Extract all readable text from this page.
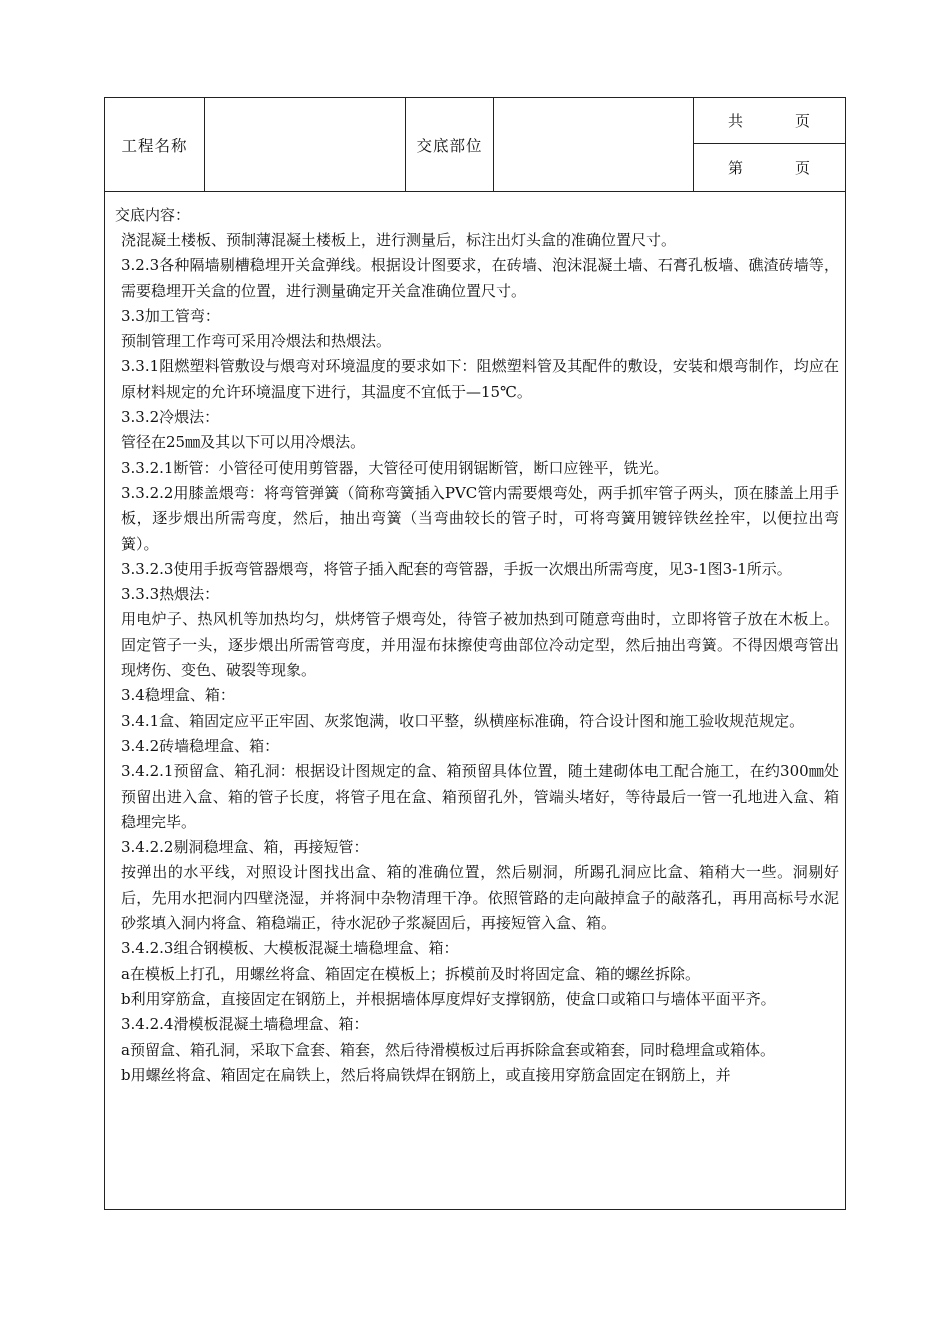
工程名称	交底部位
共	页
第	页
交底内容：

浇混凝土楼板、预制薄混凝土楼板上，进行测量后，标注出灯头盒的准确位置尺寸。

3.2.3各种隔墙剔槽稳埋开关盒弹线。根据设计图要求，在砖墙、泡沫混凝土墙、石膏孔板墙、礁渣砖墙等，需要稳埋开关盒的位置，进行测量确定开关盒准确位置尺寸。

3.3加工管弯：

预制管理工作弯可采用冷煨法和热煨法。

3.3.1阻燃塑料管敷设与煨弯对环境温度的要求如下：阻燃塑料管及其配件的敷设，安装和煨弯制作，均应在原材料规定的允许环境温度下进行，其温度不宜低于—15℃。

3.3.2冷煨法：

管径在25㎜及其以下可以用冷煨法。

3.3.2.1断管：小管径可使用剪管器，大管径可使用钢锯断管，断口应锉平，铣光。

3.3.2.2用膝盖煨弯：将弯管弹簧（简称弯簧插入PVC管内需要煨弯处，两手抓牢管子两头，顶在膝盖上用手板，逐步煨出所需弯度，然后，抽出弯簧（当弯曲较长的管子时，可将弯簧用镀锌铁丝拴牢，以便拉出弯簧）。

3.3.2.3使用手扳弯管器煨弯，将管子插入配套的弯管器，手扳一次煨出所需弯度，见3-1图3-1所示。

3.3.3热煨法：

用电炉子、热风机等加热均匀，烘烤管子煨弯处，待管子被加热到可随意弯曲时，立即将管子放在木板上。固定管子一头，逐步煨出所需管弯度，并用湿布抹擦使弯曲部位冷动定型，然后抽出弯簧。不得因煨弯管出现烤伤、变色、破裂等现象。

3.4稳埋盒、箱：

3.4.1盒、箱固定应平正牢固、灰浆饱满，收口平整，纵横座标准确，符合设计图和施工验收规范规定。

3.4.2砖墙稳埋盒、箱：

3.4.2.1预留盒、箱孔洞：根据设计图规定的盒、箱预留具体位置，随土建砌体电工配合施工，在约300㎜处预留出进入盒、箱的管子长度，将管子甩在盒、箱预留孔外，管端头堵好，等待最后一管一孔地进入盒、箱稳埋完毕。

3.4.2.2剔洞稳埋盒、箱，再接短管：

按弹出的水平线，对照设计图找出盒、箱的准确位置，然后剔洞，所踢孔洞应比盒、箱稍大一些。洞剔好后，先用水把洞内四壁浇湿，并将洞中杂物清理干净。依照管路的走向敲掉盒子的敲落孔，再用高标号水泥砂浆填入洞内将盒、箱稳端正，待水泥砂子浆凝固后，再接短管入盒、箱。

3.4.2.3组合钢模板、大模板混凝土墙稳埋盒、箱：

a在模板上打孔，用螺丝将盒、箱固定在模板上；拆模前及时将固定盒、箱的螺丝拆除。

b利用穿筋盒，直接固定在钢筋上，并根据墙体厚度焊好支撑钢筋，使盒口或箱口与墙体平面平齐。

3.4.2.4滑模板混凝土墙稳埋盒、箱：

a预留盒、箱孔洞，采取下盒套、箱套，然后待滑模板过后再拆除盒套或箱套，同时稳埋盒或箱体。

b用螺丝将盒、箱固定在扁铁上，然后将扁铁焊在钢筋上，或直接用穿筋盒固定在钢筋上，并
